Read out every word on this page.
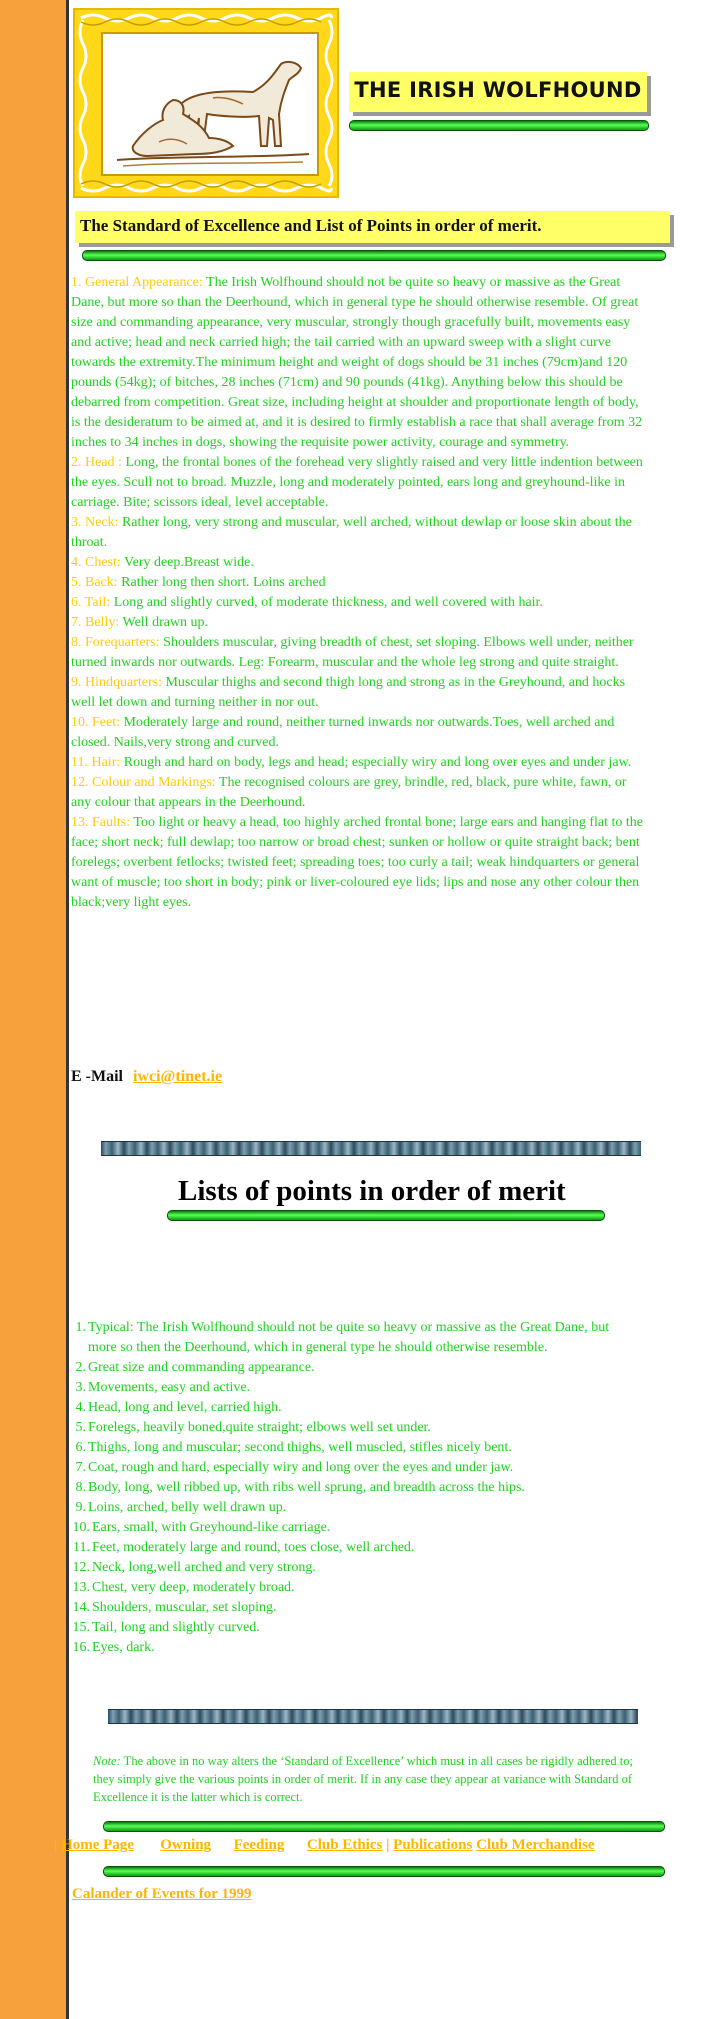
THE IRISH WOLFHOUND
The Standard of Excellence and List of Points in order of merit.

1. General Appearance: The Irish Wolfhound should not be quite so heavy or massive as the Great Dane, but more so than the Deerhound, which in general type he should otherwise resemble. Of great size and commanding appearance, very muscular, strongly though gracefully built, movements easy and active; head and neck carried high; the tail carried with an upward sweep with a slight curve towards the extremity.The minimum height and weight of dogs should be 31 inches (79cm)and 120 pounds (54kg); of bitches, 28 inches (71cm) and 90 pounds (41kg). Anything below this should be debarred from competition. Great size, including height at shoulder and proportionate length of body, is the desideratum to be aimed at, and it is desired to firmly establish a race that shall average from 32 inches to 34 inches in dogs, showing the requisite power activity, courage and symmetry.

2. Head : Long, the frontal bones of the forehead very slightly raised and very little indention between the eyes. Scull not to broad. Muzzle, long and moderately pointed, ears long and greyhound-like in carriage. Bite; scissors ideal, level acceptable.

3. Neck: Rather long, very strong and muscular, well arched, without dewlap or loose skin about the throat.

4. Chest: Very deep.Breast wide.

5. Back: Rather long then short. Loins arched

6. Tail: Long and slightly curved, of moderate thickness, and well covered with hair.

7. Belly: Well drawn up.

8. Forequarters: Shoulders muscular, giving breadth of chest, set sloping. Elbows well under, neither turned inwards nor outwards. Leg: Forearm, muscular and the whole leg strong and quite straight.

9. Hindquarters: Muscular thighs and second thigh long and strong as in the Greyhound, and hocks well let down and turning neither in nor out.

10. Feet: Moderately large and round, neither turned inwards nor outwards.Toes, well arched and closed. Nails,very strong and curved.

11. Hair: Rough and hard on body, legs and head; especially wiry and long over eyes and under jaw.

12. Colour and Markings: The recognised colours are grey, brindle, red, black, pure white, fawn, or any colour that appears in the Deerhound.

13. Faults: Too light or heavy a head, too highly arched frontal bone; large ears and hanging flat to the face; short neck; full dewlap; too narrow or broad chest; sunken or hollow or quite straight back; bent forelegs; overbent fetlocks; twisted feet; spreading toes; too curly a tail; weak hindquarters or general want of muscle; too short in body; pink or liver-coloured eye lids; lips and nose any other colour then black;very light eyes.

E -Mail iwci@tinet.ie
Lists of points in order of merit
1. Typical: The Irish Wolfhound should not be quite so heavy or massive as the Great Dane, but more so then the Deerhound, which in general type he should otherwise resemble.
2. Great size and commanding appearance.
3. Movements, easy and active.
4. Head, long and level, carried high.
5. Forelegs, heavily boned,quite straight; elbows well set under.
6. Thighs, long and muscular; second thighs, well muscled, stifles nicely bent.
7. Coat, rough and hard, especially wiry and long over the eyes and under jaw.
8. Body, long, well ribbed up, with ribs well sprung, and breadth across the hips.
9. Loins, arched, belly well drawn up.
10. Ears, small, with Greyhound-like carriage.
11. Feet, moderately large and round, toes close, well arched.
12. Neck, long,well arched and very strong.
13. Chest, very deep, moderately broad.
14. Shoulders, muscular, set sloping.
15. Tail, long and slightly curved.
16. Eyes, dark.
Note: The above in no way alters the ‘Standard of Excellence’ which must in all cases be rigidly adhered to; they simply give the various points in order of merit. If in any case they appear at variance with Standard of Excellence it is the latter which is correct.
| Home Page Owning Feeding Club Ethics | Publications Club Merchandise
Calander of Events for 1999
